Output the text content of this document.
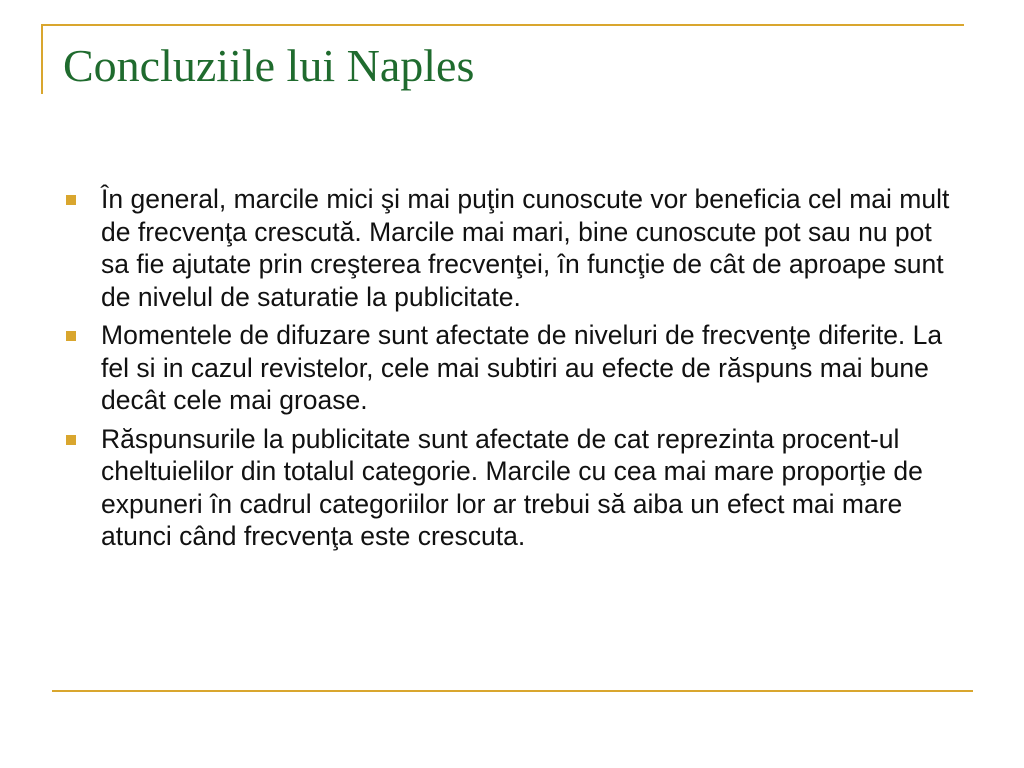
Concluziile lui Naples
În general, marcile mici şi mai puţin cunoscute vor beneficia cel mai mult de frecvenţa crescută. Marcile mai mari, bine cunoscute pot sau nu pot sa fie ajutate prin creşterea frecvenţei, în funcţie de cât de aproape sunt de nivelul de saturatie la publicitate.
Momentele de difuzare sunt afectate de niveluri de frecvenţe diferite. La fel si in cazul revistelor, cele mai subtiri au efecte de răspuns mai bune decât cele mai groase.
Răspunsurile la publicitate sunt afectate de cat reprezinta procent-ul cheltuielilor din totalul categorie. Marcile cu cea mai mare proporţie de expuneri în cadrul categoriilor lor ar trebui să aiba un efect mai mare atunci când frecvenţa este crescuta.
